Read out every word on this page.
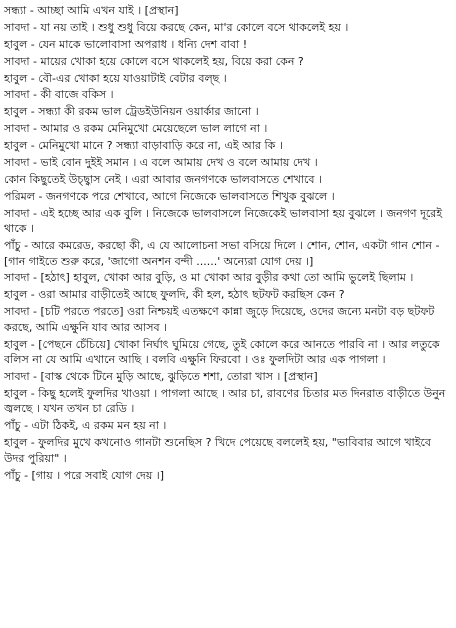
সন্ধ্যা - আচ্ছা আমি এখন যাই । [প্রস্থান]

সাবদা - যা নয় তাই । শুধু শুধু বিয়ে করছে কেন, মা'র কোলে বসে থাকলেই হয় ।

হাবুল - যেন মাকে ভালোবাসা অপরাধ । ধন্যি দেশ বাবা !

সাবদা - মায়ের খোকা হয়ে কোলে বসে থাকলেই হয়, বিয়ে করা কেন ?

হাবুল - বৌ-এর খোকা হয়ে যাওয়াটাই বেটার বল্‌ছ ।

সাবদা - কী বাজে বকিস ।

হাবুল - সন্ধ্যা কী রকম ভাল ট্রেডইউনিয়ন ওয়ার্কার জানো ।

সাবদা - আমার ও রকম মেনিমুখো মেয়েছেলে ভাল লাগে না ।

হাবুল - মেনিমুখো মানে ? সন্ধ্যা বাড়াবাড়ি করে না, এই আর কি ।

সাবদা - ভাই বোন দুইই সমান । এ বলে আমায় দেখ ও বলে আমায় দেখ ।

কোন কিছুতেই উচ্ছ্বাস নেই । এরা আবার জনগণকে ভালবাসতে শেখাবে ।

পরিমল - জনগণকে পরে শেখাবে, আগে নিজেকে ভালবাসতে শিখুক বুঝলে ।

সাবদা - এই হচ্ছে আর এক বুলি । নিজেকে ভালবাসলে নিজেকেই ভালবাসা হয় বুঝলে । জনগণ দূরেই থাকে ।

পাঁচু - আরে কমরেড, করছো কী, এ যে আলোচনা সভা বসিয়ে দিলে । শোন, শোন, একটা গান শোন - [গান গাইতে শুরু করে, 'জাগো অনশন বন্দী ......' অন্যেরা যোগ দেয় ।]

সাবদা - [হঠাৎ] হাবুল, খোকা আর বুড়ি, ও মা খোকা আর বুড়ীর কথা তো আমি ভুলেই ছিলাম ।

হাবুল - ওরা আমার বাড়ীতেই আছে ফুলদি, কী হল, হঠাৎ ছটফট করছিস কেন ?

সাবদা - [চটি পরতে পরতে] ওরা নিশ্চয়ই এতক্ষণে কান্না জুড়ে দিয়েছে, ওদের জন্যে মনটা বড় ছটফট করছে, আমি এক্ষুনি যাব আর আসব ।

হাবুল - [পেছনে চেঁচিয়ে] খোকা নির্ঘাৎ ঘুমিয়ে গেছে, তুই কোলে করে আনতে পারবি না । আর লতুকে বলিস না যে আমি এখানে আছি । বলবি এক্ষুনি ফিরবো । ওঃ ফুলদিটা আর এক পাগলা ।

সাবদা - [বাস্ক থেকে টিনে মুড়ি আছে, ঝুড়িতে শশা, তোরা খাস । [প্রস্থান]

হাবুল - কিছু হলেই ফুলদির খাওয়া । পাগলা আছে । আর চা, রাবণের চিতার মত দিনরাত বাড়ীতে উনুন জ্বলছে । যখন তখন চা রেডি ।

পাঁচু - এটা ঠিকই, এ রকম মন হয় না ।

হাবুল - ফুলদির মুখে কখনোও গানটা শুনেছিস ? খিদে পেয়েছে বললেই হয়, "ভাবিবার আগে খাইবে উদর পুরিয়া" ।

পাঁচু - [গায় । পরে সবাই যোগ দেয় ।]
